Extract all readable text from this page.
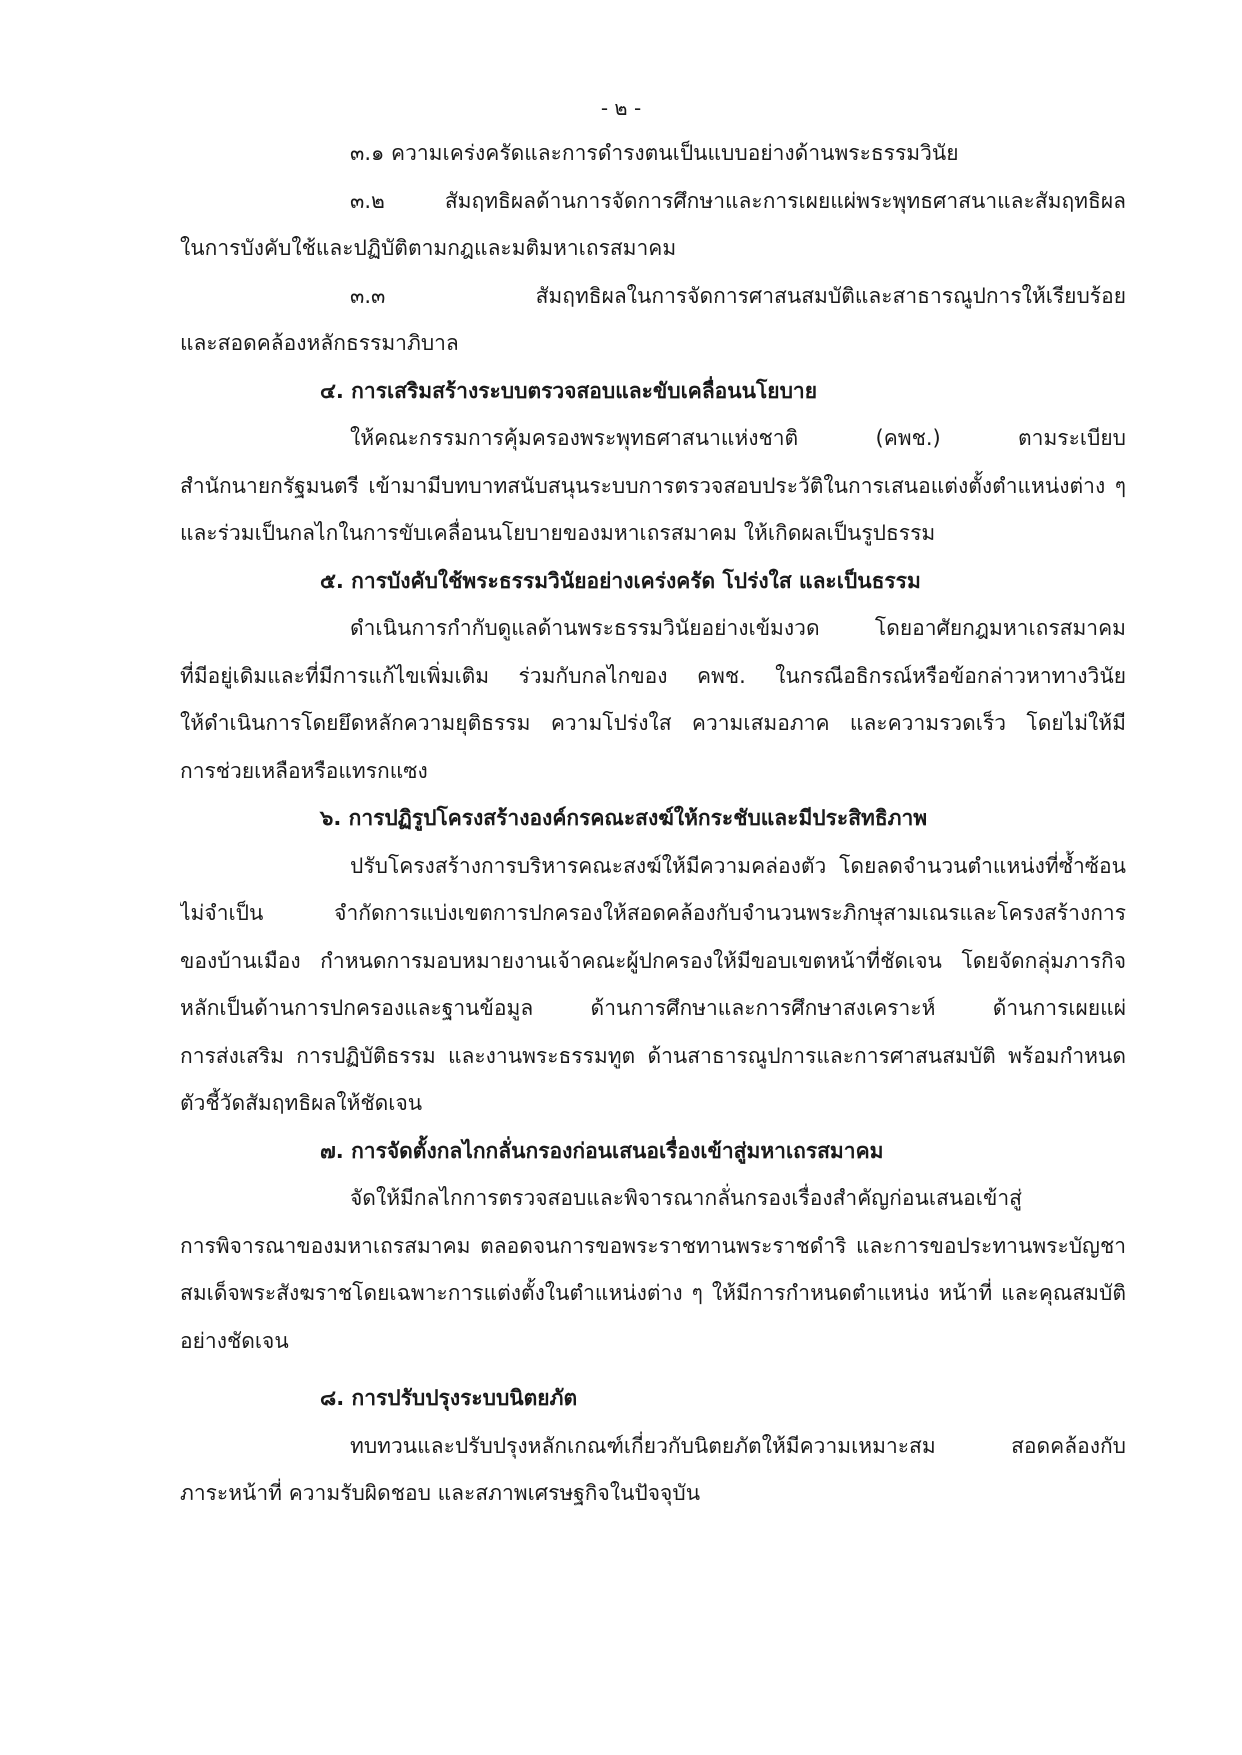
- ๒ -
๓.๑ ความเคร่งครัดและการดำรงตนเป็นแบบอย่างด้านพระธรรมวินัย
๓.๒ สัมฤทธิผลด้านการจัดการศึกษาและการเผยแผ่พระพุทธศาสนาและสัมฤทธิผล
ในการบังคับใช้และปฏิบัติตามกฎและมติมหาเถรสมาคม
๓.๓ สัมฤทธิผลในการจัดการศาสนสมบัติและสาธารณูปการให้เรียบร้อย
และสอดคล้องหลักธรรมาภิบาล
๔. การเสริมสร้างระบบตรวจสอบและขับเคลื่อนนโยบาย
ให้คณะกรรมการคุ้มครองพระพุทธศาสนาแห่งชาติ (คพช.) ตามระเบียบ
สำนักนายกรัฐมนตรี เข้ามามีบทบาทสนับสนุนระบบการตรวจสอบประวัติในการเสนอแต่งตั้งตำแหน่งต่าง ๆ
และร่วมเป็นกลไกในการขับเคลื่อนนโยบายของมหาเถรสมาคม ให้เกิดผลเป็นรูปธรรม
๕. การบังคับใช้พระธรรมวินัยอย่างเคร่งครัด โปร่งใส และเป็นธรรม
ดำเนินการกำกับดูแลด้านพระธรรมวินัยอย่างเข้มงวด โดยอาศัยกฎมหาเถรสมาคม
ที่มีอยู่เดิมและที่มีการแก้ไขเพิ่มเติม ร่วมกับกลไกของ คพช. ในกรณีอธิกรณ์หรือข้อกล่าวหาทางวินัย
ให้ดำเนินการโดยยึดหลักความยุติธรรม ความโปร่งใส ความเสมอภาค และความรวดเร็ว โดยไม่ให้มี
การช่วยเหลือหรือแทรกแซง
๖. การปฏิรูปโครงสร้างองค์กรคณะสงฆ์ให้กระชับและมีประสิทธิภาพ
ปรับโครงสร้างการบริหารคณะสงฆ์ให้มีความคล่องตัว โดยลดจำนวนตำแหน่งที่ซ้ำซ้อน
ไม่จำเป็น จำกัดการแบ่งเขตการปกครองให้สอดคล้องกับจำนวนพระภิกษุสามเณรและโครงสร้างการ
ของบ้านเมือง กำหนดการมอบหมายงานเจ้าคณะผู้ปกครองให้มีขอบเขตหน้าที่ชัดเจน โดยจัดกลุ่มภารกิจ
หลักเป็นด้านการปกครองและฐานข้อมูล ด้านการศึกษาและการศึกษาสงเคราะห์ ด้านการเผยแผ่
การส่งเสริม การปฏิบัติธรรม และงานพระธรรมทูต ด้านสาธารณูปการและการศาสนสมบัติ พร้อมกำหนด
ตัวชี้วัดสัมฤทธิผลให้ชัดเจน
๗. การจัดตั้งกลไกกลั่นกรองก่อนเสนอเรื่องเข้าสู่มหาเถรสมาคม
จัดให้มีกลไกการตรวจสอบและพิจารณากลั่นกรองเรื่องสำคัญก่อนเสนอเข้าสู่
การพิจารณาของมหาเถรสมาคม ตลอดจนการขอพระราชทานพระราชดำริ และการขอประทานพระบัญชา
สมเด็จพระสังฆราชโดยเฉพาะการแต่งตั้งในตำแหน่งต่าง ๆ ให้มีการกำหนดตำแหน่ง หน้าที่ และคุณสมบัติ
อย่างชัดเจน
๘. การปรับปรุงระบบนิตยภัต
ทบทวนและปรับปรุงหลักเกณฑ์เกี่ยวกับนิตยภัตให้มีความเหมาะสม สอดคล้องกับ
ภาระหน้าที่ ความรับผิดชอบ และสภาพเศรษฐกิจในปัจจุบัน
